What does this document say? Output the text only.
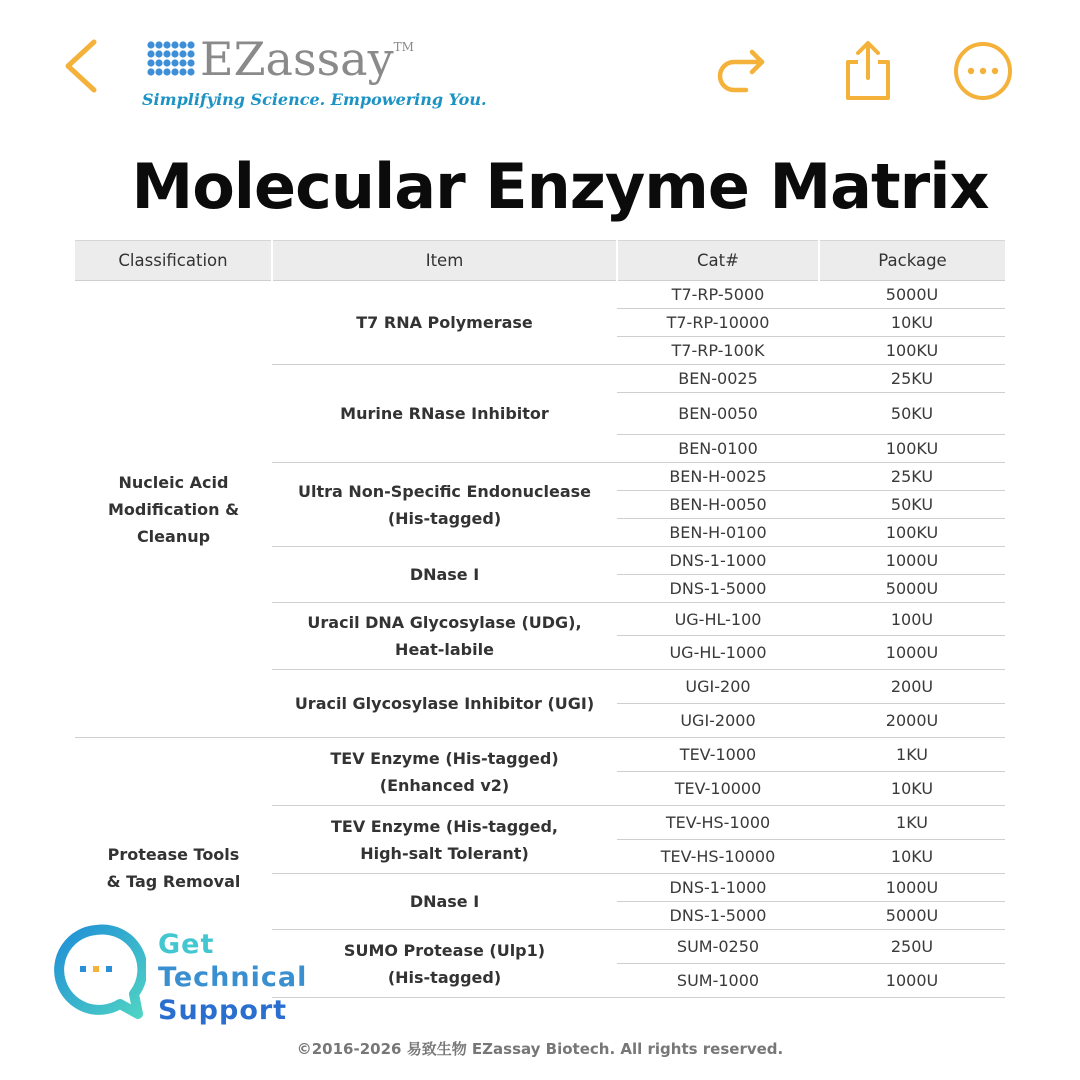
EZassay™
Simplifying Science. Empowering You.
Molecular Enzyme Matrix
Classification	Item	Cat#	Package

Nucleic Acid Modification & Cleanup	T7 RNA Polymerase	T7-RP-5000	5000U
		T7-RP-10000	10KU
		T7-RP-100K	100KU
	Murine RNase Inhibitor	BEN-0025	25KU
		BEN-0050	50KU
		BEN-0100	100KU

	Ultra Non-Specific Endonuclease (His-tagged)	BEN-H-0025	25KU
		BEN-H-0050	50KU
		BEN-H-0100	100KU
	DNase I	DNS-1-1000	1000U
		DNS-1-5000	5000U

	Uracil DNA Glycosylase (UDG), Heat-labile	UG-HL-100	100U
		UG-HL-1000	1000U
	Uracil Glycosylase Inhibitor (UGI)	UGI-200	200U
		UGI-2000	2000U

Protease Tools & Tag Removal	TEV Enzyme (His-tagged) (Enhanced v2)	TEV-1000	1KU
		TEV-10000	10KU

	TEV Enzyme (His-tagged, High-salt Tolerant)	TEV-HS-1000	1KU
		TEV-HS-10000	10KU
	DNase I	DNS-1-1000	1000U
		DNS-1-5000	5000U

	SUMO Protease (Ulp1) (His-tagged)	SUM-0250	250U
		SUM-1000	1000U
Get
Technical
Support
©2016-2026 易致生物 EZassay Biotech. All rights reserved.
